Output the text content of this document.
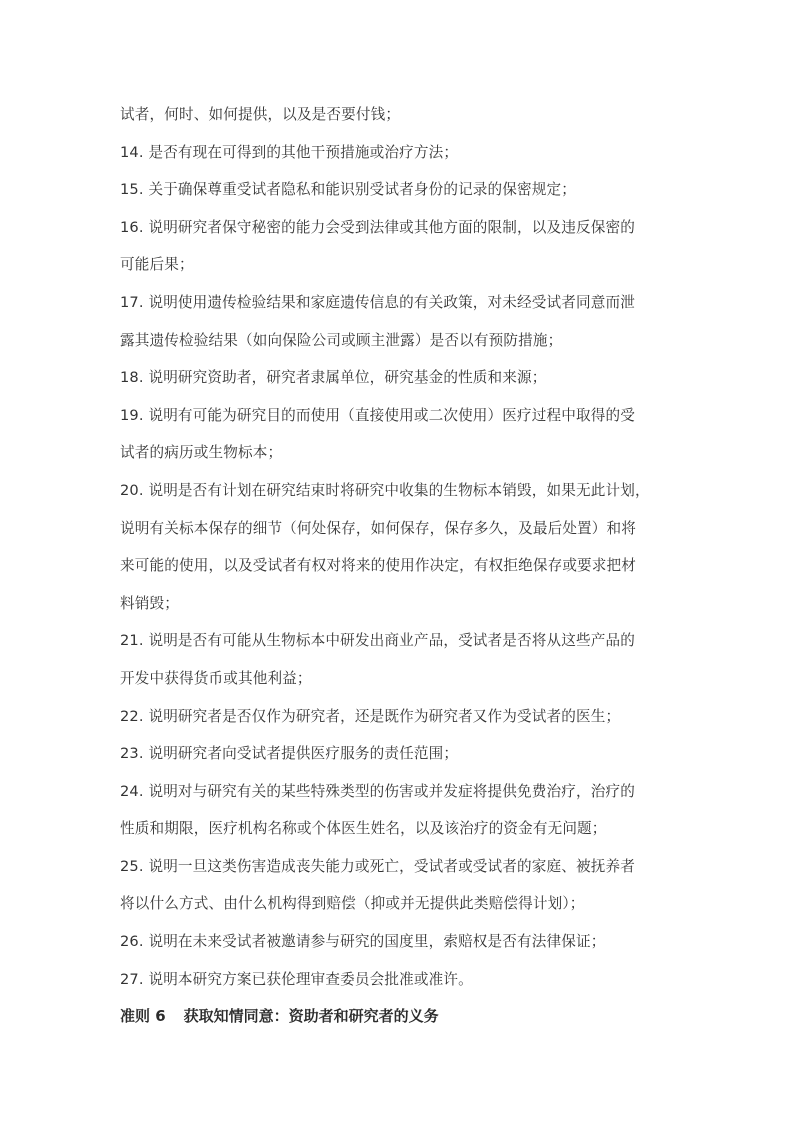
试者，何时、如何提供，以及是否要付钱；
14. 是否有现在可得到的其他干预措施或治疗方法；
15. 关于确保尊重受试者隐私和能识别受试者身份的记录的保密规定；
16. 说明研究者保守秘密的能力会受到法律或其他方面的限制，以及违反保密的
可能后果；
17. 说明使用遗传检验结果和家庭遗传信息的有关政策，对未经受试者同意而泄
露其遗传检验结果（如向保险公司或顾主泄露）是否以有预防措施；
18. 说明研究资助者，研究者隶属单位，研究基金的性质和来源；
19. 说明有可能为研究目的而使用（直接使用或二次使用）医疗过程中取得的受
试者的病历或生物标本；
20. 说明是否有计划在研究结束时将研究中收集的生物标本销毁，如果无此计划，
说明有关标本保存的细节（何处保存，如何保存，保存多久，及最后处置）和将
来可能的使用，以及受试者有权对将来的使用作决定，有权拒绝保存或要求把材
料销毁；
21. 说明是否有可能从生物标本中研发出商业产品，受试者是否将从这些产品的
开发中获得货币或其他利益；
22. 说明研究者是否仅作为研究者，还是既作为研究者又作为受试者的医生；
23. 说明研究者向受试者提供医疗服务的责任范围；
24. 说明对与研究有关的某些特殊类型的伤害或并发症将提供免费治疗，治疗的
性质和期限，医疗机构名称或个体医生姓名，以及该治疗的资金有无问题；
25. 说明一旦这类伤害造成丧失能力或死亡，受试者或受试者的家庭、被抚养者
将以什么方式、由什么机构得到赔偿（抑或并无提供此类赔偿得计划）；
26. 说明在未来受试者被邀请参与研究的国度里，索赔权是否有法律保证；
27. 说明本研究方案已获伦理审查委员会批准或准许。
准则 6 获取知情同意：资助者和研究者的义务
